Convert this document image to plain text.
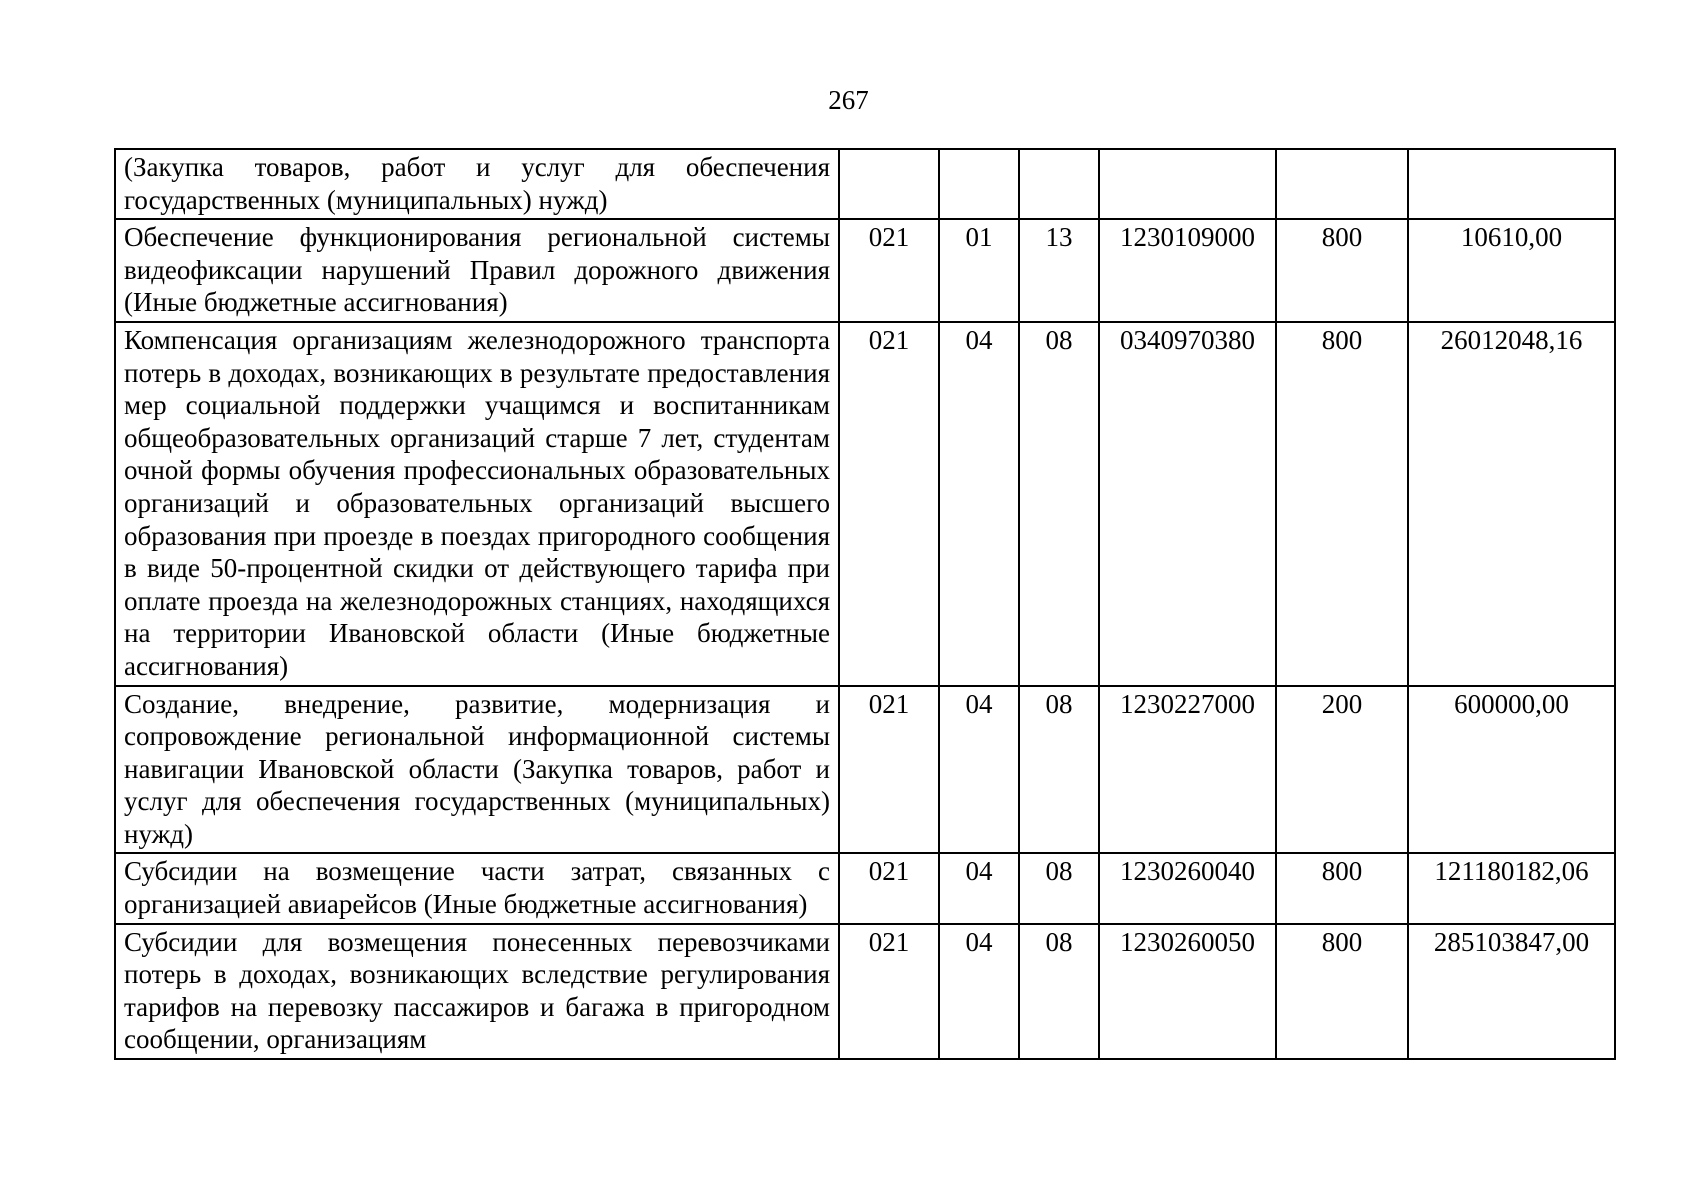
267
(Закупка товаров, работ и услуг для обеспечения государственных (муниципальных) нужд)						
Обеспечение функционирования региональной системы видеофиксации нарушений Правил дорожного движения (Иные бюджетные ассигнования)	021	01	13	1230109000	800	10610,00
Компенсация организациям железнодорожного транспорта потерь в доходах, возникающих в результате предоставления мер социальной поддержки учащимся и воспитанникам общеобразовательных организаций старше 7 лет, студентам очной формы обучения профессиональных образовательных организаций и образовательных организаций высшего образования при проезде в поездах пригородного сообщения в виде 50-процентной скидки от действующего тарифа при оплате проезда на железнодорожных станциях, находящихся на территории Ивановской области (Иные бюджетные ассигнования)	021	04	08	0340970380	800	26012048,16
Создание, внедрение, развитие, модернизация и сопровождение региональной информационной системы навигации Ивановской области (Закупка товаров, работ и услуг для обеспечения государственных (муниципальных) нужд)	021	04	08	1230227000	200	600000,00
Субсидии на возмещение части затрат, связанных с организацией авиарейсов (Иные бюджетные ассигнования)	021	04	08	1230260040	800	121180182,06
Субсидии для возмещения понесенных перевозчиками потерь в доходах, возникающих вследствие регулирования тарифов на перевозку пассажиров и багажа в пригородном сообщении, организациям	021	04	08	1230260050	800	285103847,00
